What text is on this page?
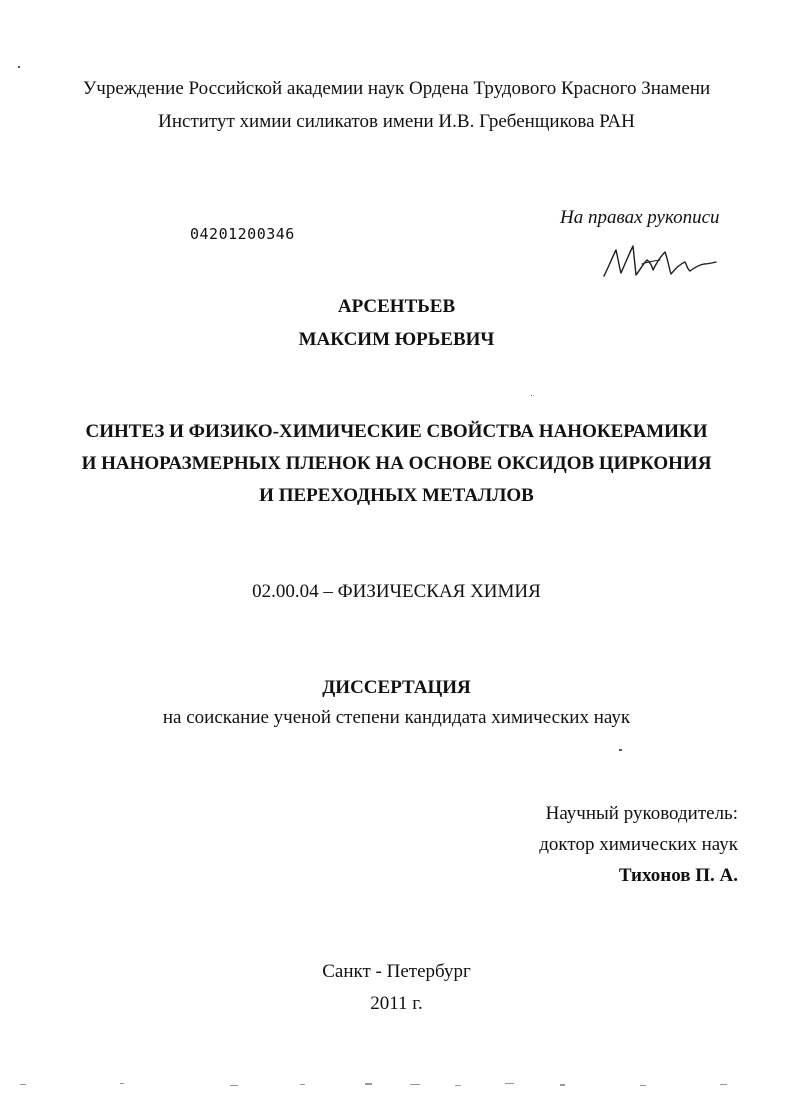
Учреждение Российской академии наук Ордена Трудового Красного Знамени
Институт химии силикатов имени И.В. Гребенщикова РАН
04201200346
На правах рукописи
АРСЕНТЬЕВ
МАКСИМ ЮРЬЕВИЧ
СИНТЕЗ И ФИЗИКО-ХИМИЧЕСКИЕ СВОЙСТВА НАНОКЕРАМИКИ
И НАНОРАЗМЕРНЫХ ПЛЕНОК НА ОСНОВЕ ОКСИДОВ ЦИРКОНИЯ
И ПЕРЕХОДНЫХ МЕТАЛЛОВ
02.00.04 – ФИЗИЧЕСКАЯ ХИМИЯ
ДИССЕРТАЦИЯ
на соискание ученой степени кандидата химических наук
Научный руководитель:
доктор химических наук
Тихонов П. А.
Санкт - Петербург
2011 г.
